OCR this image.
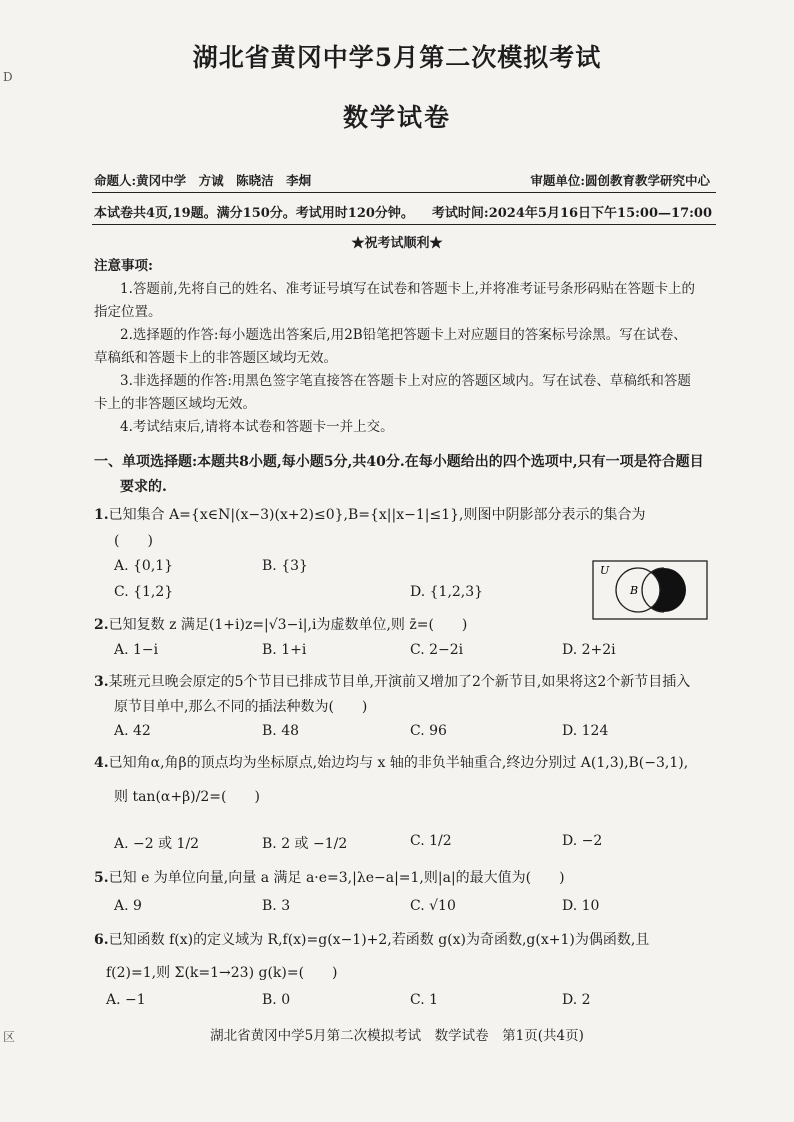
D
区
湖北省黄冈中学5月第二次模拟考试
数学试卷
命题人:黄冈中学　方诚　陈晓洁　李炯	审题单位:圆创教育教学研究中心
本试卷共4页,19题。满分150分。考试用时120分钟。 考试时间:2024年5月16日下午15:00—17:00
★祝考试顺利★
注意事项:
1.答题前,先将自己的姓名、准考证号填写在试卷和答题卡上,并将准考证号条形码贴在答题卡上的
指定位置。
2.选择题的作答:每小题选出答案后,用2B铅笔把答题卡上对应题目的答案标号涂黑。写在试卷、
草稿纸和答题卡上的非答题区域均无效。
3.非选择题的作答:用黑色签字笔直接答在答题卡上对应的答题区域内。写在试卷、草稿纸和答题
卡上的非答题区域均无效。
4.考试结束后,请将本试卷和答题卡一并上交。
一、单项选择题:本题共8小题,每小题5分,共40分.在每小题给出的四个选项中,只有一项是符合题目
要求的.
1.已知集合 A={x∈N|(x−3)(x+2)≤0},B={x||x−1|≤1},则图中阴影部分表示的集合为
(　　)
A. {0,1}	B. {3}
C. {1,2}	D. {1,2,3}
U
B
2.已知复数 z 满足(1+i)z=|√3−i|,i为虚数单位,则 z̄=(　　)
A. 1−i	B. 1+i	C. 2−2i	D. 2+2i
3.某班元旦晚会原定的5个节目已排成节目单,开演前又增加了2个新节目,如果将这2个新节目插入
原节目单中,那么不同的插法种数为(　　)
A. 42	B. 48	C. 96	D. 124
4.已知角α,角β的顶点均为坐标原点,始边均与 x 轴的非负半轴重合,终边分别过 A(1,3),B(−3,1),
则 tan(α+β)/2=(　　)
A. −2 或 1/2	B. 2 或 −1/2	C. 1/2	D. −2
5.已知 e 为单位向量,向量 a 满足 a·e=3,|λe−a|=1,则|a|的最大值为(　　)
A. 9	B. 3	C. √10	D. 10
6.已知函数 f(x)的定义域为 R,f(x)=g(x−1)+2,若函数 g(x)为奇函数,g(x+1)为偶函数,且
f(2)=1,则 Σ(k=1→23) g(k)=(　　)
A. −1	B. 0	C. 1	D. 2
湖北省黄冈中学5月第二次模拟考试　数学试卷　第1页(共4页)
